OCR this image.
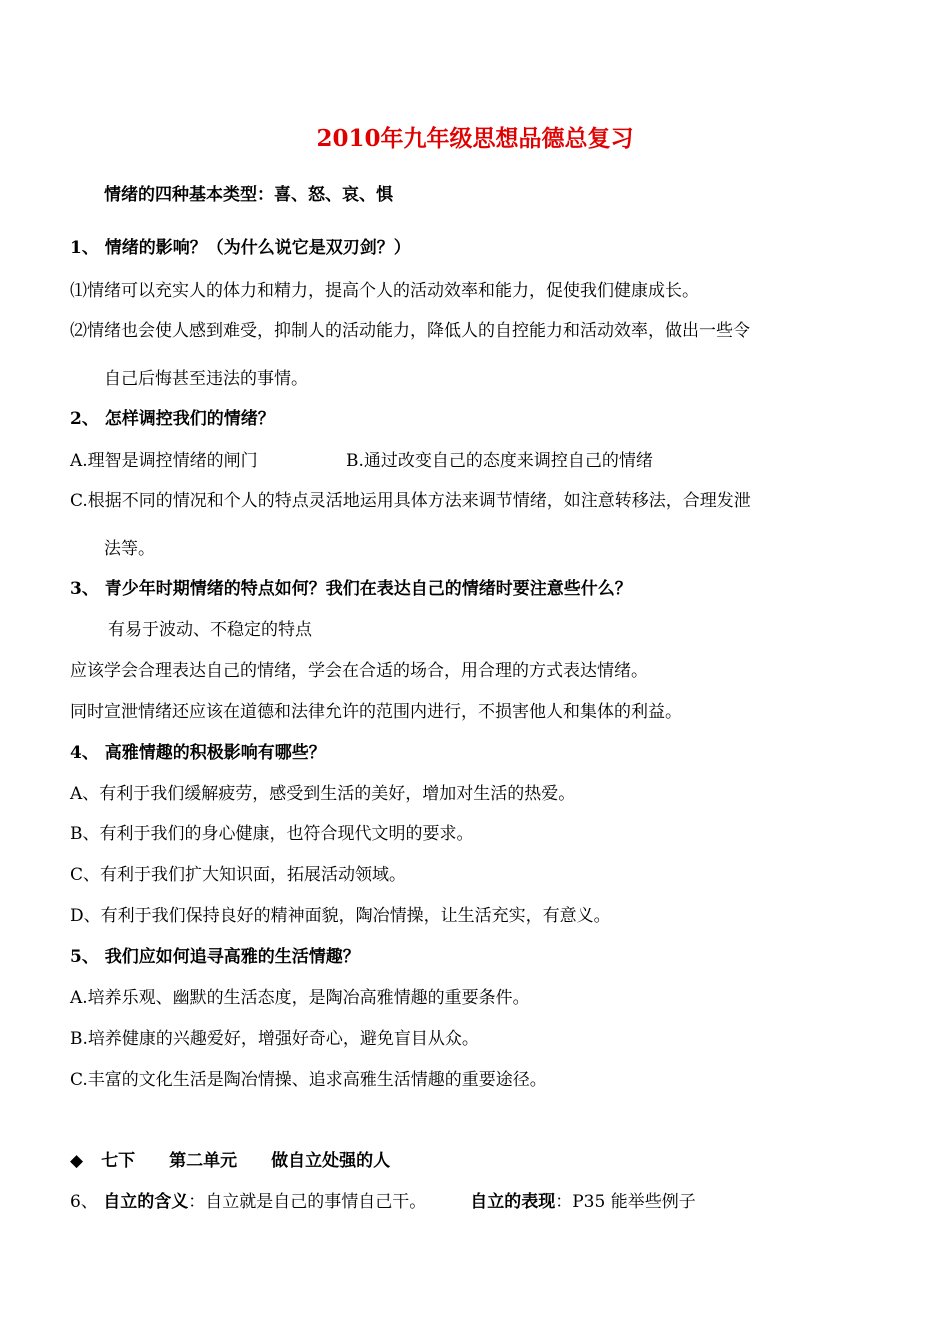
2010年九年级思想品德总复习
情绪的四种基本类型：喜、怒、哀、惧
1、 情绪的影响？（为什么说它是双刃剑？）
⑴情绪可以充实人的体力和精力，提高个人的活动效率和能力，促使我们健康成长。
⑵情绪也会使人感到难受，抑制人的活动能力，降低人的自控能力和活动效率，做出一些令
自己后悔甚至违法的事情。
2、 怎样调控我们的情绪？
A.理智是调控情绪的闸门	B.通过改变自己的态度来调控自己的情绪
C.根据不同的情况和个人的特点灵活地运用具体方法来调节情绪，如注意转移法，合理发泄
法等。
3、 青少年时期情绪的特点如何？我们在表达自己的情绪时要注意些什么？
有易于波动、不稳定的特点
应该学会合理表达自己的情绪，学会在合适的场合，用合理的方式表达情绪。
同时宣泄情绪还应该在道德和法律允许的范围内进行，不损害他人和集体的利益。
4、 高雅情趣的积极影响有哪些？
A、有利于我们缓解疲劳，感受到生活的美好，增加对生活的热爱。
B、有利于我们的身心健康，也符合现代文明的要求。
C、有利于我们扩大知识面，拓展活动领域。
D、有利于我们保持良好的精神面貌，陶冶情操，让生活充实，有意义。
5、 我们应如何追寻高雅的生活情趣？
A.培养乐观、幽默的生活态度，是陶冶高雅情趣的重要条件。
B.培养健康的兴趣爱好，增强好奇心，避免盲目从众。
C.丰富的文化生活是陶冶情操、追求高雅生活情趣的重要途径。
◆ 七下　　第二单元　　做自立处强的人
6、 自立的含义：自立就是自己的事情自己干。	自立的表现：P35 能举些例子
